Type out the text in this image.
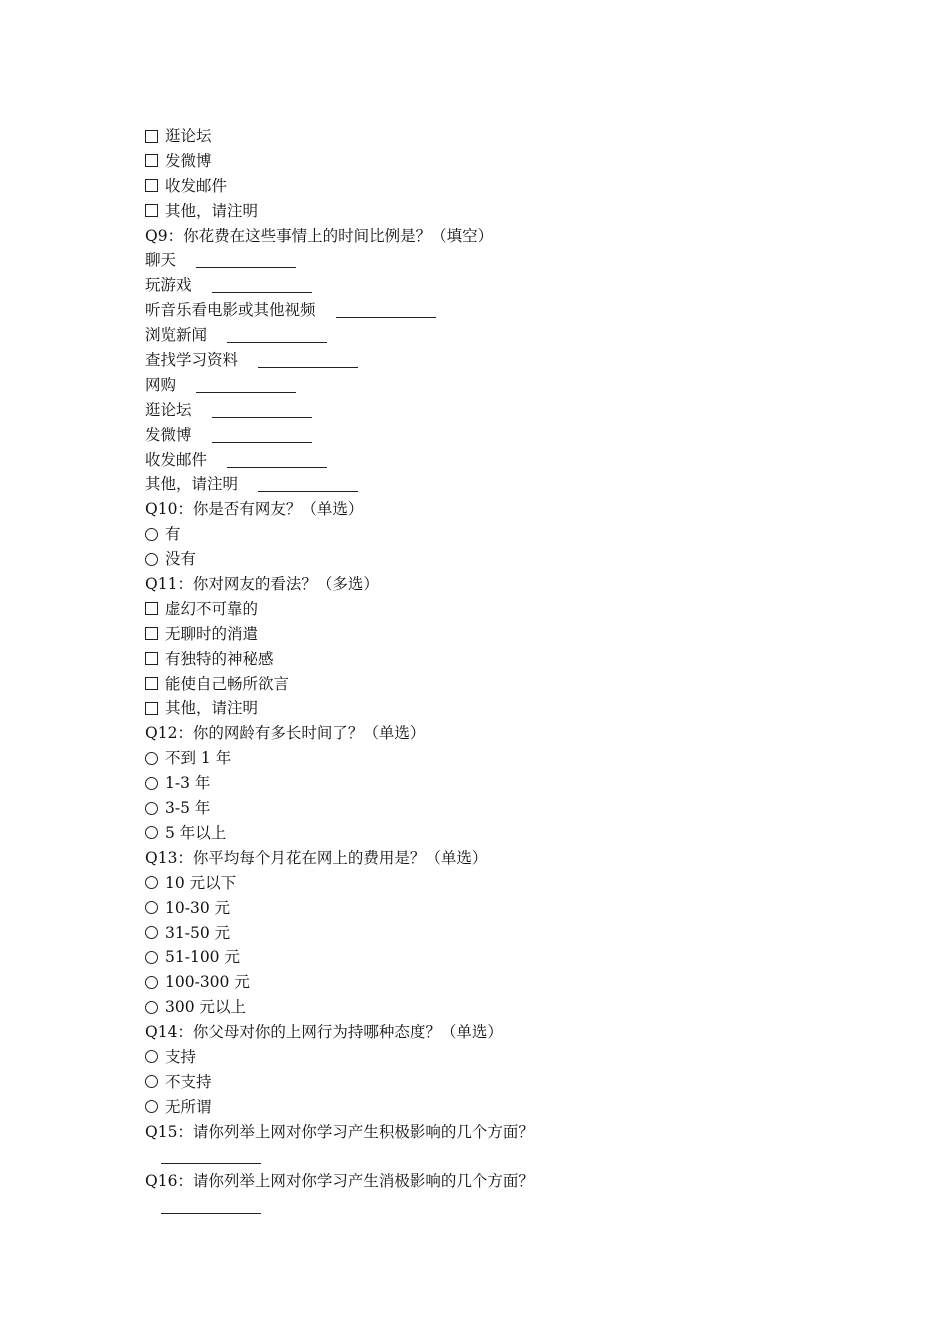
逛论坛
发微博
收发邮件
其他，请注明
Q9：你花费在这些事情上的时间比例是？（填空）
聊天
玩游戏
听音乐看电影或其他视频
浏览新闻
查找学习资料
网购
逛论坛
发微博
收发邮件
其他，请注明
Q10：你是否有网友？（单选）
有
没有
Q11：你对网友的看法？（多选）
虚幻不可靠的
无聊时的消遣
有独特的神秘感
能使自己畅所欲言
其他，请注明
Q12：你的网龄有多长时间了？（单选）
不到 1 年
1-3 年
3-5 年
5 年以上
Q13：你平均每个月花在网上的费用是？（单选）
10 元以下
10-30 元
31-50 元
51-100 元
100-300 元
300 元以上
Q14：你父母对你的上网行为持哪种态度？（单选）
支持
不支持
无所谓
Q15：请你列举上网对你学习产生积极影响的几个方面？
Q16：请你列举上网对你学习产生消极影响的几个方面？
